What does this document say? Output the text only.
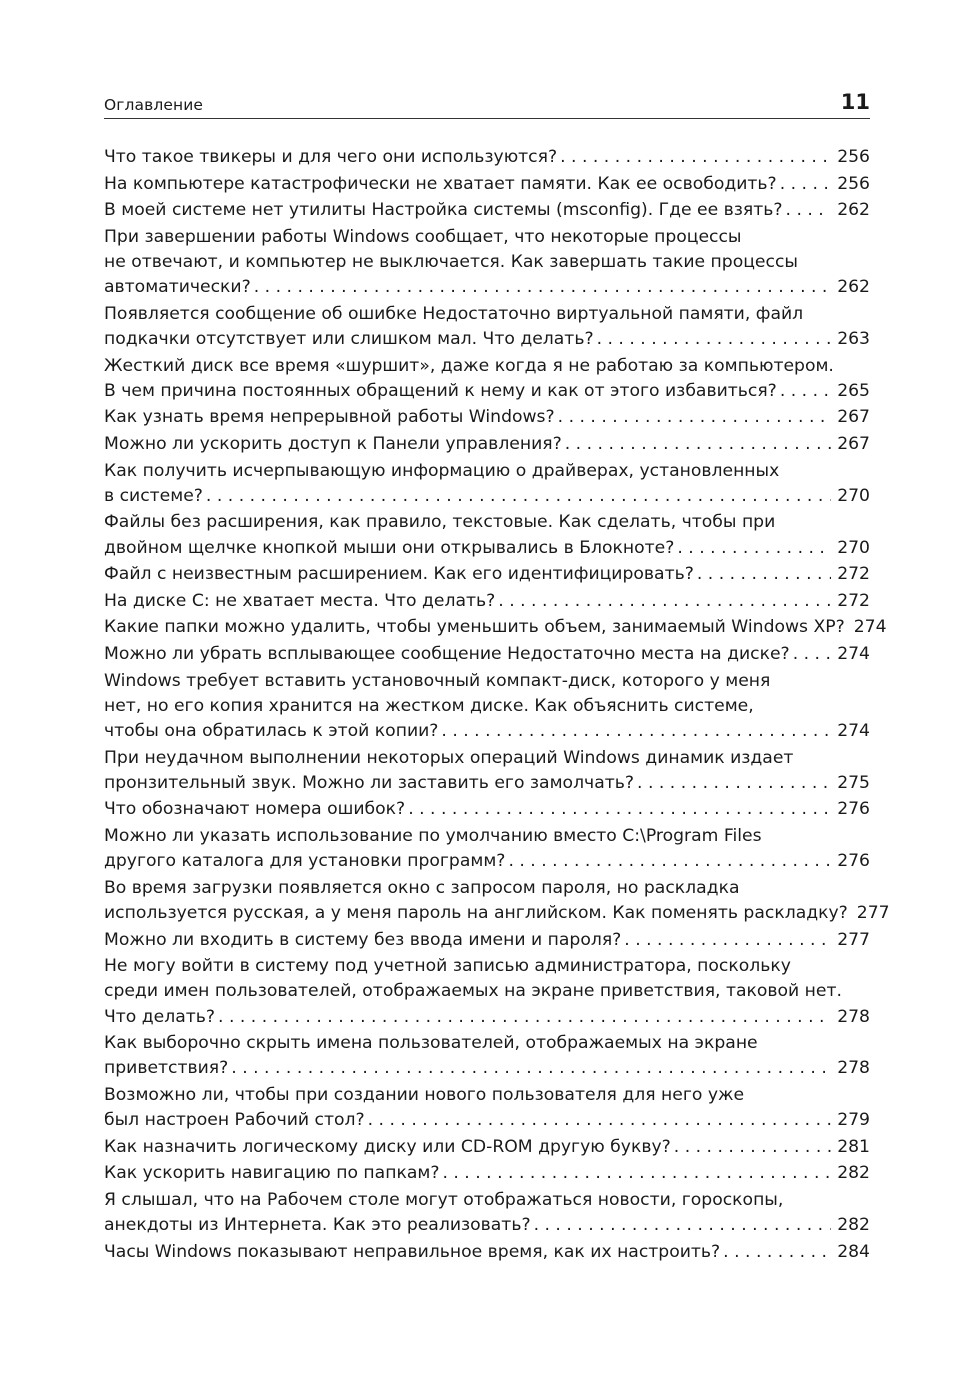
Оглавление	11
Что такое твикеры и для чего они используются? . . .	256
На компьютере катастрофически не хватает памяти. Как ее освободить? . . .	256
В моей системе нет утилиты Настройка системы (msconfig). Где ее взять? . . .	262
При завершении работы Windows сообщает, что некоторые процессы
не отвечают, и компьютер не выключается. Как завершать такие процессы
автоматически? . . .	262
Появляется сообщение об ошибке Недостаточно виртуальной памяти, файл
подкачки отсутствует или слишком мал. Что делать? . . .	263
Жесткий диск все время «шуршит», даже когда я не работаю за компьютером.
В чем причина постоянных обращений к нему и как от этого избавиться? . . .	265
Как узнать время непрерывной работы Windows? . . .	267
Можно ли ускорить доступ к Панели управления? . . .	267
Как получить исчерпывающую информацию о драйверах, установленных
в системе? . . .	270
Файлы без расширения, как правило, текстовые. Как сделать, чтобы при
двойном щелчке кнопкой мыши они открывались в Блокноте? . . .	270
Файл с неизвестным расширением. Как его идентифицировать? . . .	272
На диске C: не хватает места. Что делать? . . .	272
Какие папки можно удалить, чтобы уменьшить объем, занимаемый Windows XP? 274
Можно ли убрать всплывающее сообщение Недостаточно места на диске? . . .	274
Windows требует вставить установочный компакт-диск, которого у меня
нет, но его копия хранится на жестком диске. Как объяснить системе,
чтобы она обратилась к этой копии? . . .	274
При неудачном выполнении некоторых операций Windows динамик издает
пронзительный звук. Можно ли заставить его замолчать? . . .	275
Что обозначают номера ошибок? . . .	276
Можно ли указать использование по умолчанию вместо C:\Program Files
другого каталога для установки программ? . . .	276
Во время загрузки появляется окно с запросом пароля, но раскладка
используется русская, а у меня пароль на английском. Как поменять раскладку? 277
Можно ли входить в систему без ввода имени и пароля? . . .	277
Не могу войти в систему под учетной записью администратора, поскольку
среди имен пользователей, отображаемых на экране приветствия, таковой нет.
Что делать? . . .	278
Как выборочно скрыть имена пользователей, отображаемых на экране
приветствия? . . .	278
Возможно ли, чтобы при создании нового пользователя для него уже
был настроен Рабочий стол? . . .	279
Как назначить логическому диску или CD-ROM другую букву? . . .	281
Как ускорить навигацию по папкам? . . .	282
Я слышал, что на Рабочем столе могут отображаться новости, гороскопы,
анекдоты из Интернета. Как это реализовать? . . .	282
Часы Windows показывают неправильное время, как их настроить? . . .	284
